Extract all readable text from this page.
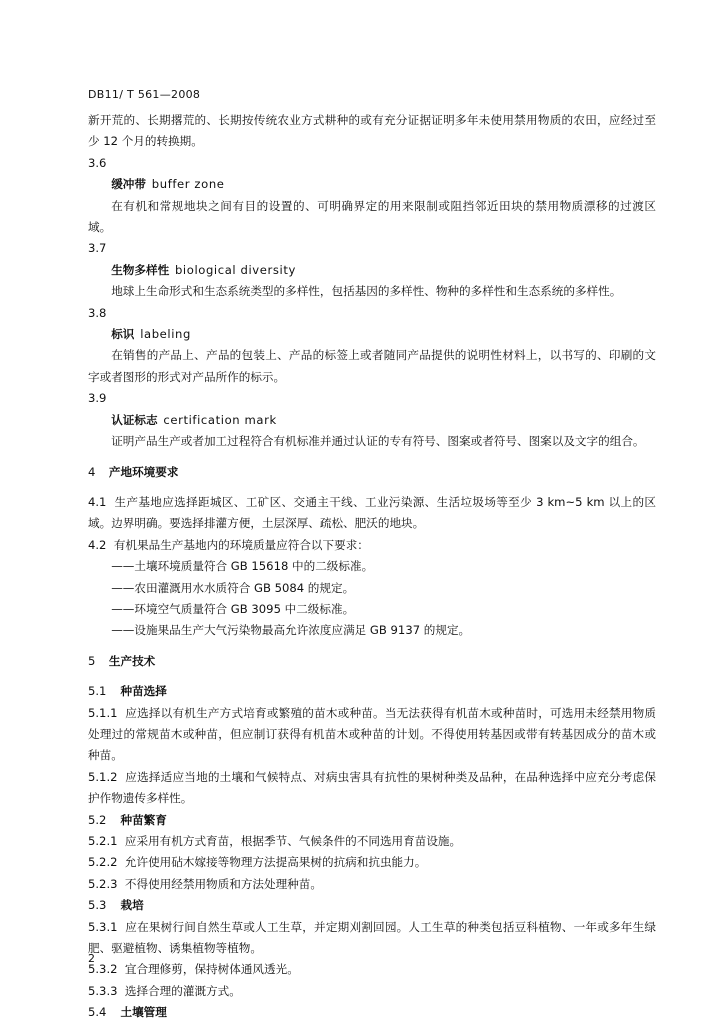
DB11/ T 561—2008

新开荒的、长期撂荒的、长期按传统农业方式耕种的或有充分证据证明多年未使用禁用物质的农田，应经过至少 12 个月的转换期。

3.6

缓冲带 buffer zone

在有机和常规地块之间有目的设置的、可明确界定的用来限制或阻挡邻近田块的禁用物质漂移的过渡区域。

3.7

生物多样性 biological diversity

地球上生命形式和生态系统类型的多样性，包括基因的多样性、物种的多样性和生态系统的多样性。

3.8

标识 labeling

在销售的产品上、产品的包装上、产品的标签上或者随同产品提供的说明性材料上，以书写的、印刷的文字或者图形的形式对产品所作的标示。

3.9

认证标志 certification mark

证明产品生产或者加工过程符合有机标准并通过认证的专有符号、图案或者符号、图案以及文字的组合。

4 产地环境要求

4.1 生产基地应选择距城区、工矿区、交通主干线、工业污染源、生活垃圾场等至少 3 km~5 km 以上的区域。边界明确。要选择排灌方便，土层深厚、疏松、肥沃的地块。

4.2 有机果品生产基地内的环境质量应符合以下要求：

——土壤环境质量符合 GB 15618 中的二级标准。

——农田灌溉用水水质符合 GB 5084 的规定。

——环境空气质量符合 GB 3095 中二级标准。

——设施果品生产大气污染物最高允许浓度应满足 GB 9137 的规定。

5 生产技术

5.1 种苗选择

5.1.1 应选择以有机生产方式培育或繁殖的苗木或种苗。当无法获得有机苗木或种苗时，可选用未经禁用物质处理过的常规苗木或种苗，但应制订获得有机苗木或种苗的计划。不得使用转基因或带有转基因成分的苗木或种苗。

5.1.2 应选择适应当地的土壤和气候特点、对病虫害具有抗性的果树种类及品种，在品种选择中应充分考虑保护作物遗传多样性。

5.2 种苗繁育

5.2.1 应采用有机方式育苗，根据季节、气候条件的不同选用育苗设施。

5.2.2 允许使用砧木嫁接等物理方法提高果树的抗病和抗虫能力。

5.2.3 不得使用经禁用物质和方法处理种苗。

5.3 栽培

5.3.1 应在果树行间自然生草或人工生草，并定期刈割回园。人工生草的种类包括豆科植物、一年或多年生绿肥、驱避植物、诱集植物等植物。

5.3.2 宜合理修剪，保持树体通风透光。

5.3.3 选择合理的灌溉方式。

5.4 土壤管理

2
